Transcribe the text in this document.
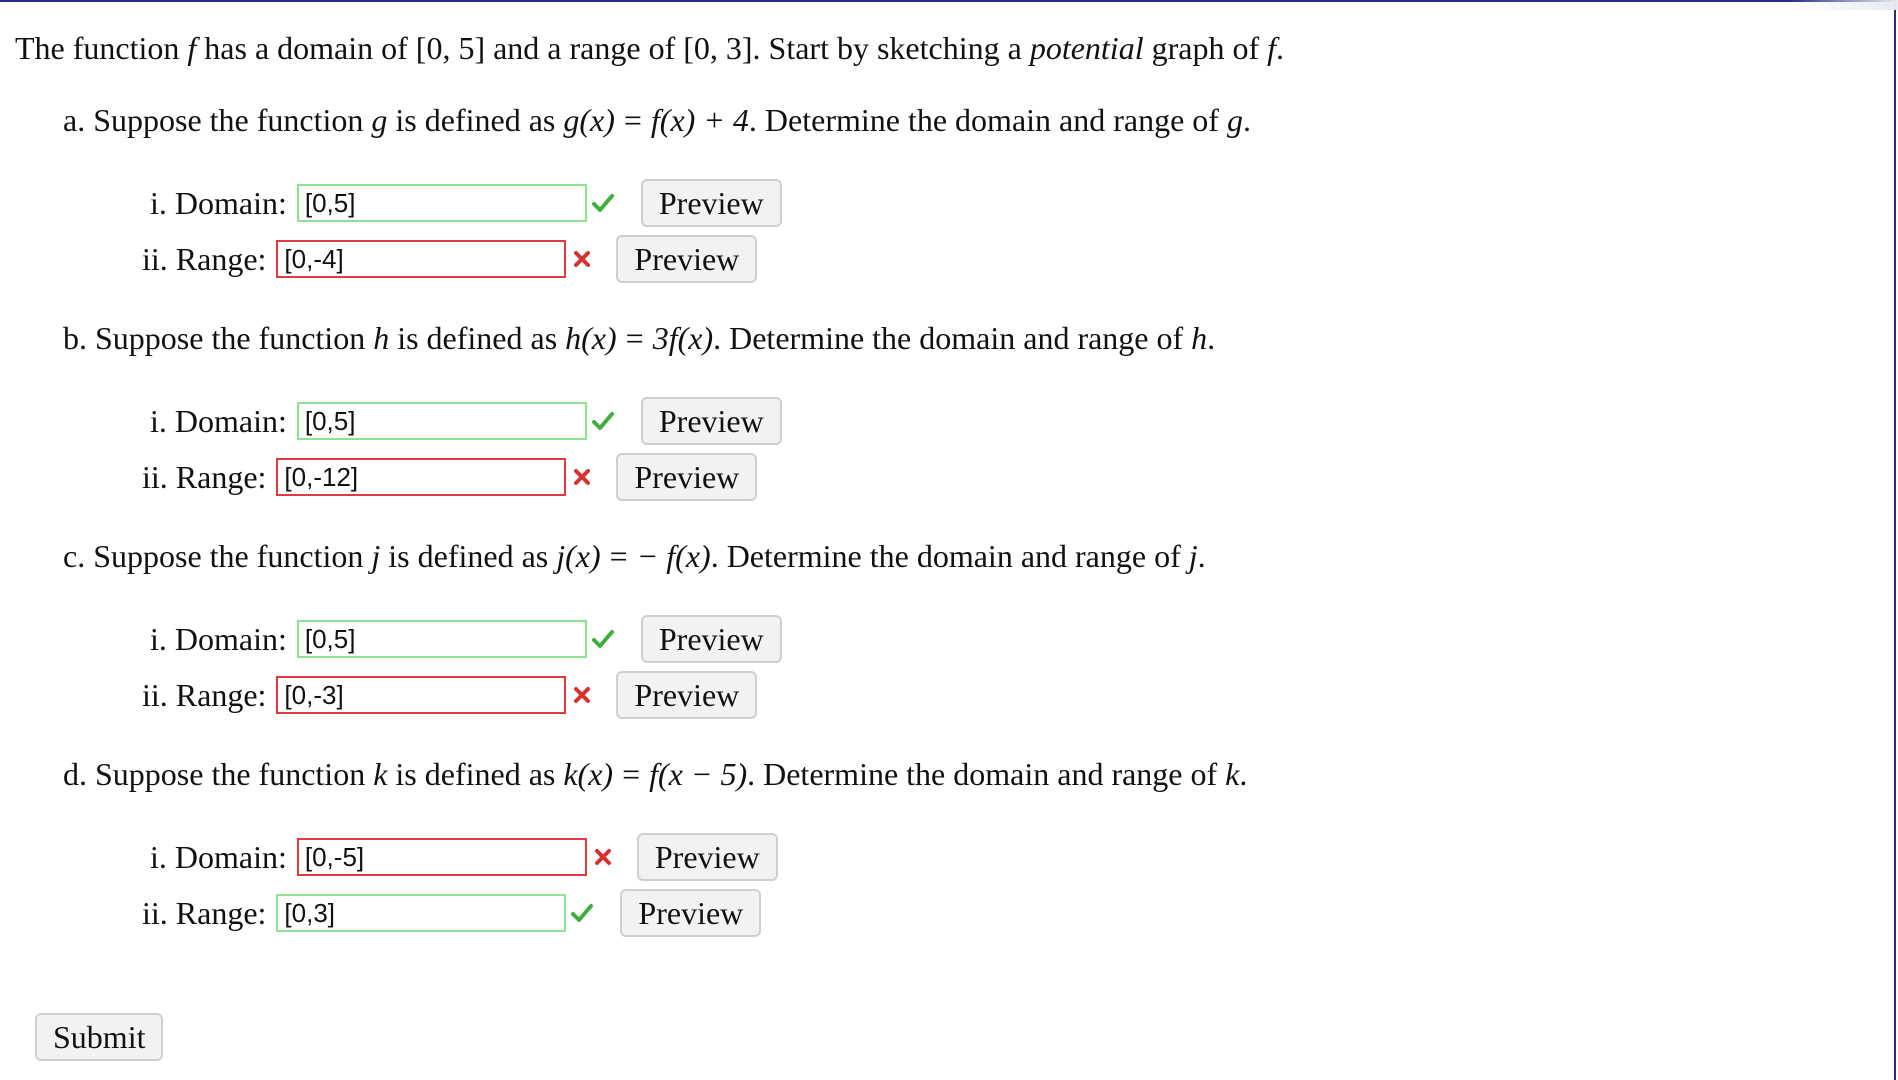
The function f has a domain of [0, 5] and a range of [0, 3]. Start by sketching a potential graph of f.
a. Suppose the function g is defined as g(x) = f(x) + 4. Determine the domain and range of g.
i. Domain:
[0,5]	Preview
ii. Range:
[0,-4]	Preview
b. Suppose the function h is defined as h(x) = 3f(x). Determine the domain and range of h.
i. Domain:
[0,5]	Preview
ii. Range:
[0,-12]	Preview
c. Suppose the function j is defined as j(x) = − f(x). Determine the domain and range of j.
i. Domain:
[0,5]	Preview
ii. Range:
[0,-3]	Preview
d. Suppose the function k is defined as k(x) = f(x − 5). Determine the domain and range of k.
i. Domain:
[0,-5]	Preview
ii. Range:
[0,3]	Preview
Submit
